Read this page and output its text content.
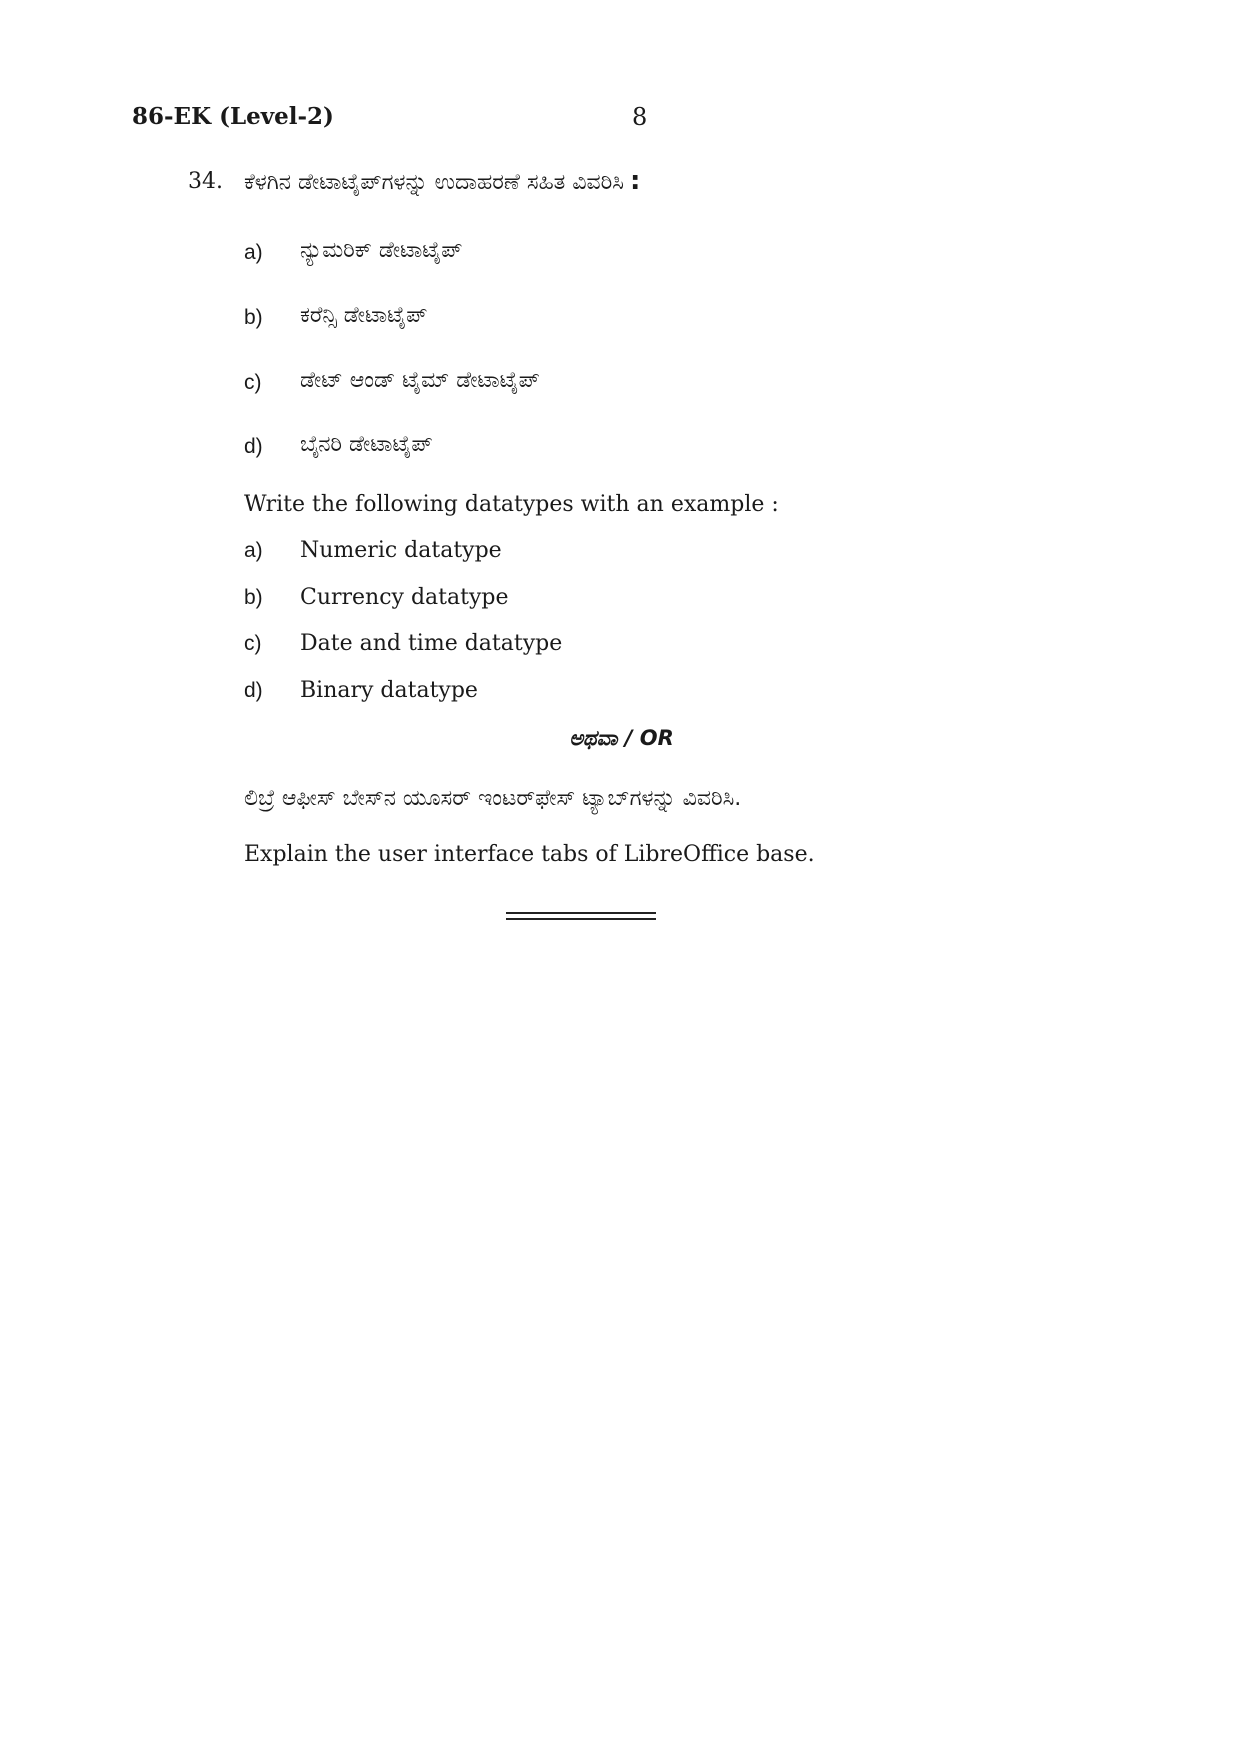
86-EK (Level-2)	8
34. ಕೆಳಗಿನ ಡೇಟಾಟೈಪ್‌ಗಳನ್ನು ಉದಾಹರಣೆ ಸಹಿತ ವಿವರಿಸಿ :
a) ನ್ಯುಮರಿಕ್ ಡೇಟಾಟೈಪ್
b) ಕರೆನ್ಸಿ ಡೇಟಾಟೈಪ್
c) ಡೇಟ್ ಆಂಡ್ ಟೈಮ್ ಡೇಟಾಟೈಪ್
d) ಬೈನರಿ ಡೇಟಾಟೈಪ್
Write the following datatypes with an example :
a) Numeric datatype
b) Currency datatype
c) Date and time datatype
d) Binary datatype
ಅಥವಾ / OR
ಲಿಬ್ರೆ ಆಫೀಸ್ ಬೇಸ್‌ನ ಯೂಸರ್ ಇಂಟರ್‌ಫೇಸ್ ಟ್ಯಾಬ್‌ಗಳನ್ನು ವಿವರಿಸಿ.
Explain the user interface tabs of LibreOffice base.
